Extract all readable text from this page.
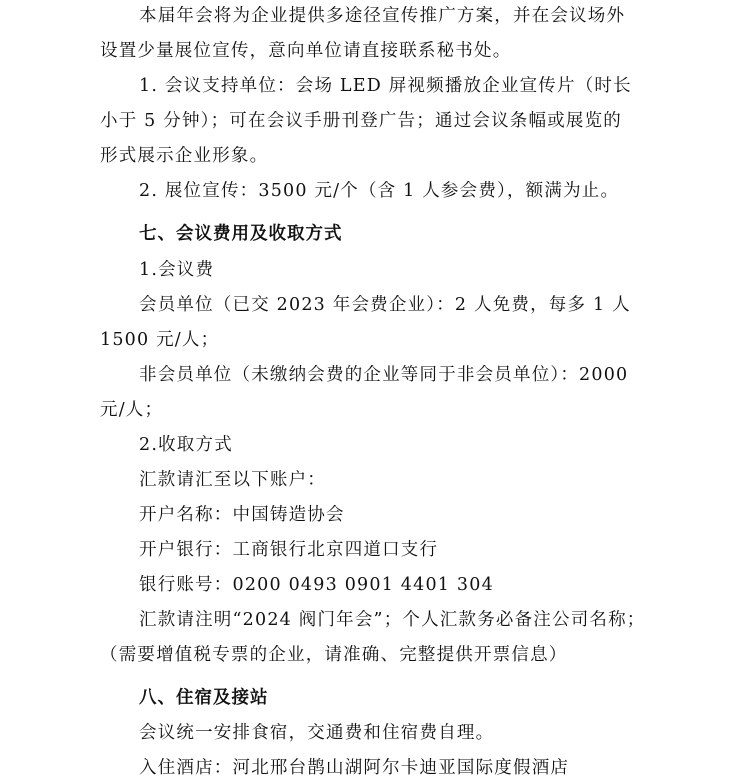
本届年会将为企业提供多途径宣传推广方案，并在会议场外
设置少量展位宣传，意向单位请直接联系秘书处。
1. 会议支持单位：会场 LED 屏视频播放企业宣传片（时长
小于 5 分钟）；可在会议手册刊登广告；通过会议条幅或展览的
形式展示企业形象。
2. 展位宣传：3500 元/个（含 1 人参会费），额满为止。
七、会议费用及收取方式
1.会议费
会员单位（已交 2023 年会费企业）：2 人免费，每多 1 人
1500 元/人；
非会员单位（未缴纳会费的企业等同于非会员单位）：2000
元/人；
2.收取方式
汇款请汇至以下账户：
开户名称：中国铸造协会
开户银行：工商银行北京四道口支行
银行账号：0200 0493 0901 4401 304
汇款请注明“2024 阀门年会”；个人汇款务必备注公司名称；
（需要增值税专票的企业，请准确、完整提供开票信息）
八、住宿及接站
会议统一安排食宿，交通费和住宿费自理。
入住酒店：河北邢台鹊山湖阿尔卡迪亚国际度假酒店
